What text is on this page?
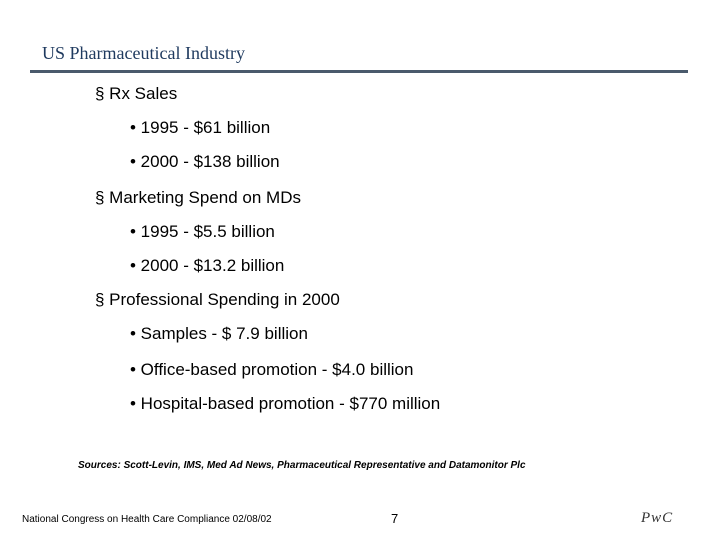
US Pharmaceutical Industry
§ Rx Sales
• 1995 - $61 billion
• 2000 - $138 billion
§ Marketing Spend on MDs
• 1995 - $5.5 billion
• 2000 - $13.2 billion
§ Professional Spending in 2000
• Samples - $ 7.9 billion
• Office-based promotion - $4.0 billion
• Hospital-based promotion - $770 million
Sources: Scott-Levin, IMS, Med Ad News, Pharmaceutical Representative and Datamonitor Plc
National Congress on Health Care Compliance 02/08/02	7	PwC
